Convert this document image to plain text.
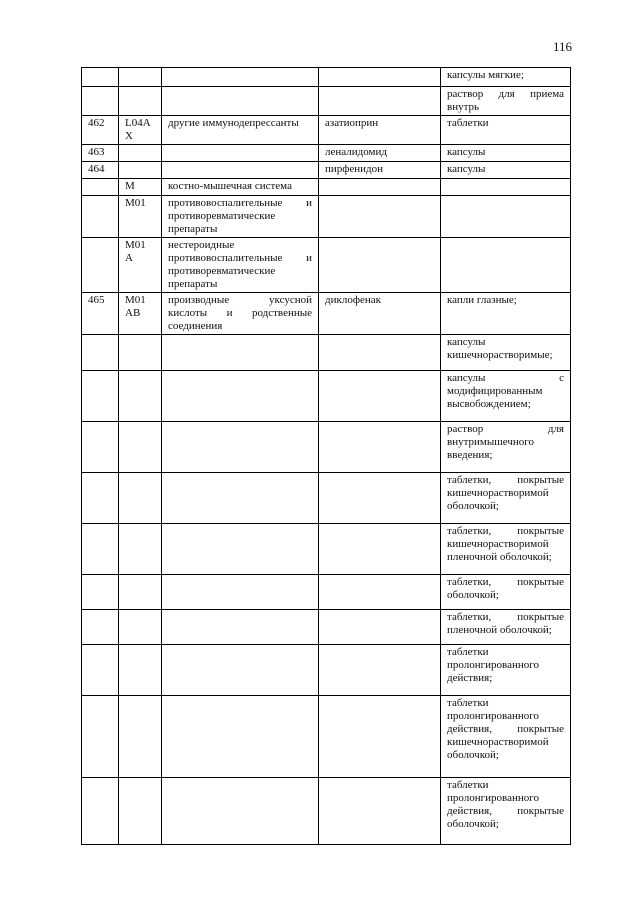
116
				капсулы мягкие;
				раствор для приема внутрь
462	L04A X	другие иммунодепрессанты	азатиоприн	таблетки
463			леналидомид	капсулы
464			пирфенидон	капсулы
	М	костно-мышечная система		
	М01	противовоспалительные и противоревматические препараты		
	М01 А	нестероидные противовоспалительные и противоревматические препараты		
465	М01 АВ	производные уксусной кислоты и родственные соединения	диклофенак	капли глазные;
				капсулы кишечнорастворимые;
				капсулы с модифицированным высвобождением;
				раствор для внутримышечного введения;
				таблетки, покрытые кишечнорастворимой оболочкой;
				таблетки, покрытые кишечнорастворимой пленочной оболочкой;
				таблетки, покрытые оболочкой;
				таблетки, покрытые пленочной оболочкой;
				таблетки пролонгированного действия;
				таблетки пролонгированного действия, покрытые кишечнорастворимой оболочкой;
				таблетки пролонгированного действия, покрытые оболочкой;
